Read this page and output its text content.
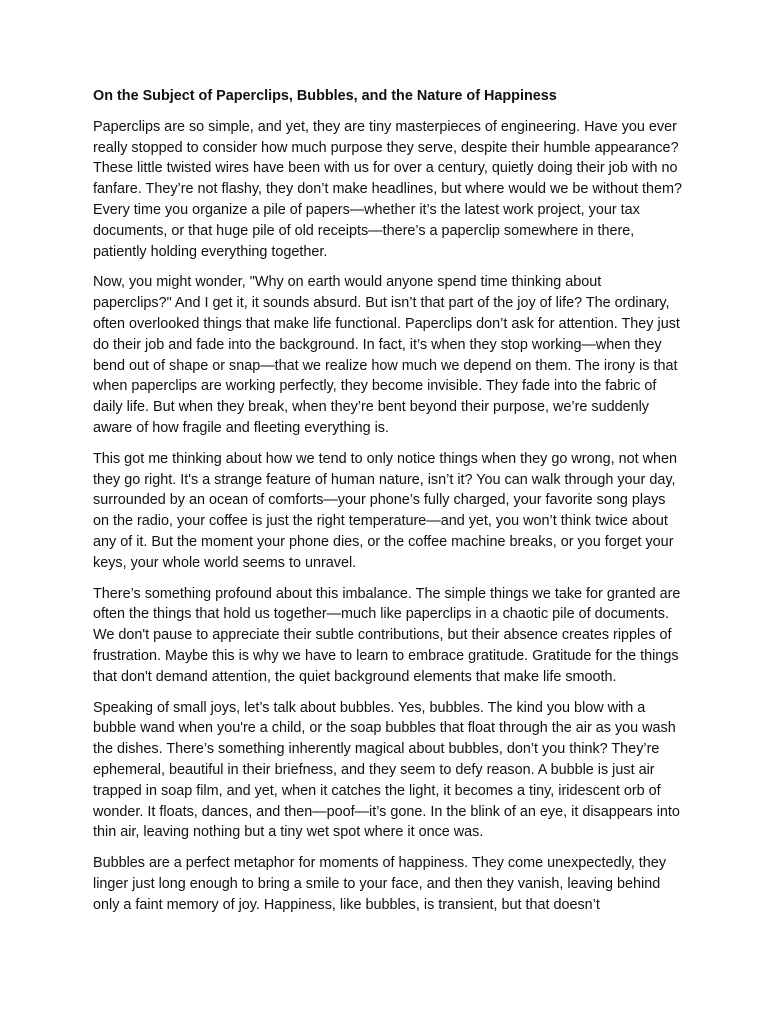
On the Subject of Paperclips, Bubbles, and the Nature of Happiness

Paperclips are so simple, and yet, they are tiny masterpieces of engineering. Have you ever really stopped to consider how much purpose they serve, despite their humble appearance? These little twisted wires have been with us for over a century, quietly doing their job with no fanfare. They’re not flashy, they don’t make headlines, but where would we be without them? Every time you organize a pile of papers—whether it’s the latest work project, your tax documents, or that huge pile of old receipts—there’s a paperclip somewhere in there, patiently holding everything together.

Now, you might wonder, "Why on earth would anyone spend time thinking about paperclips?" And I get it, it sounds absurd. But isn’t that part of the joy of life? The ordinary, often overlooked things that make life functional. Paperclips don’t ask for attention. They just do their job and fade into the background. In fact, it’s when they stop working—when they bend out of shape or snap—that we realize how much we depend on them. The irony is that when paperclips are working perfectly, they become invisible. They fade into the fabric of daily life. But when they break, when they’re bent beyond their purpose, we’re suddenly aware of how fragile and fleeting everything is.

This got me thinking about how we tend to only notice things when they go wrong, not when they go right. It's a strange feature of human nature, isn’t it? You can walk through your day, surrounded by an ocean of comforts—your phone’s fully charged, your favorite song plays on the radio, your coffee is just the right temperature—and yet, you won’t think twice about any of it. But the moment your phone dies, or the coffee machine breaks, or you forget your keys, your whole world seems to unravel.

There’s something profound about this imbalance. The simple things we take for granted are often the things that hold us together—much like paperclips in a chaotic pile of documents. We don't pause to appreciate their subtle contributions, but their absence creates ripples of frustration. Maybe this is why we have to learn to embrace gratitude. Gratitude for the things that don't demand attention, the quiet background elements that make life smooth.

Speaking of small joys, let’s talk about bubbles. Yes, bubbles. The kind you blow with a bubble wand when you're a child, or the soap bubbles that float through the air as you wash the dishes. There’s something inherently magical about bubbles, don’t you think? They’re ephemeral, beautiful in their briefness, and they seem to defy reason. A bubble is just air trapped in soap film, and yet, when it catches the light, it becomes a tiny, iridescent orb of wonder. It floats, dances, and then—poof—it’s gone. In the blink of an eye, it disappears into thin air, leaving nothing but a tiny wet spot where it once was.

Bubbles are a perfect metaphor for moments of happiness. They come unexpectedly, they linger just long enough to bring a smile to your face, and then they vanish, leaving behind only a faint memory of joy. Happiness, like bubbles, is transient, but that doesn’t
